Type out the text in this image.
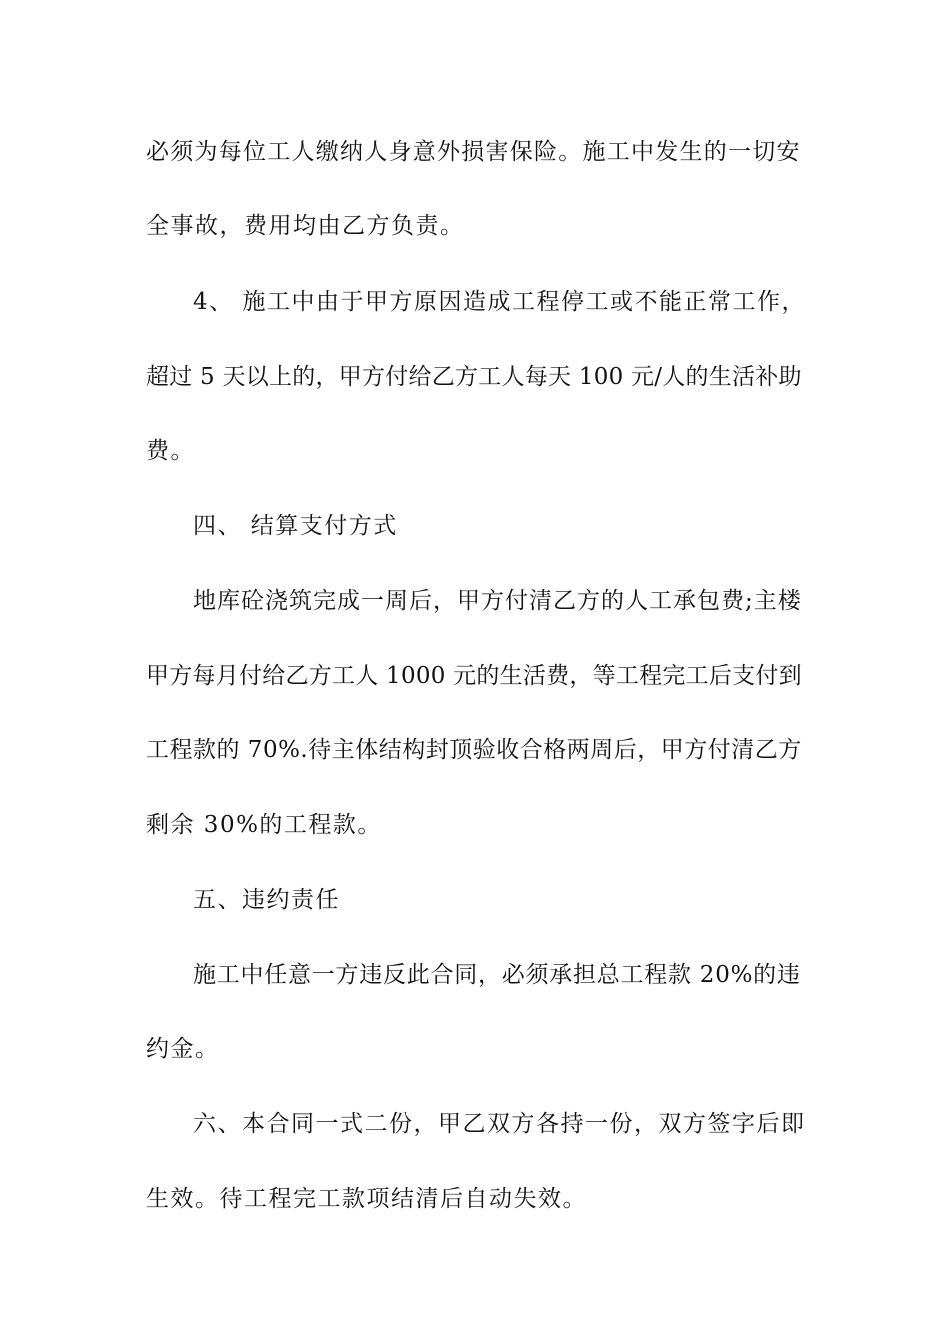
必须为每位工人缴纳人身意外损害保险。施工中发生的一切安
全事故，费用均由乙方负责。
4、 施工中由于甲方原因造成工程停工或不能正常工作，
超过 5 天以上的，甲方付给乙方工人每天 100 元/人的生活补助
费。
四、 结算支付方式
地库砼浇筑完成一周后，甲方付清乙方的人工承包费;主楼
甲方每月付给乙方工人 1000 元的生活费，等工程完工后支付到
工程款的 70%.待主体结构封顶验收合格两周后，甲方付清乙方
剩余 30%的工程款。
五、违约责任
施工中任意一方违反此合同，必须承担总工程款 20%的违
约金。
六、本合同一式二份，甲乙双方各持一份，双方签字后即
生效。待工程完工款项结清后自动失效。
